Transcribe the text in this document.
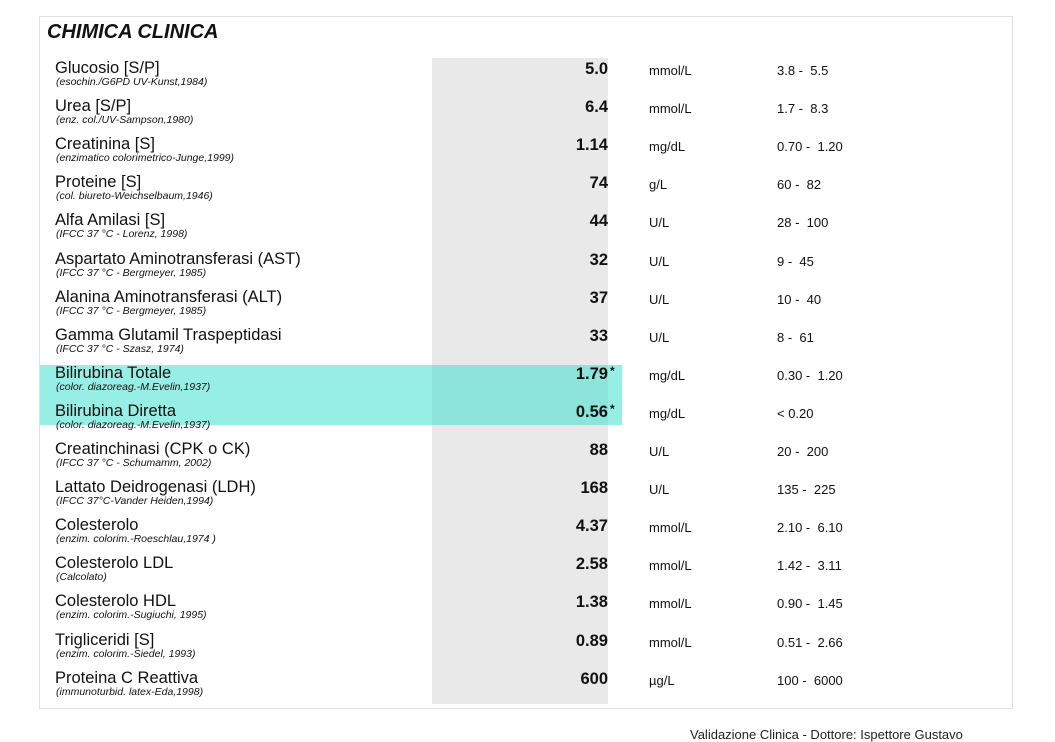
CHIMICA CLINICA
Glucosio [S/P]
(esochin./G6PD UV-Kunst,1984)
5.0	mmol/L	3.8 -  5.5
Urea [S/P]
(enz. col./UV-Sampson,1980)
6.4	mmol/L	1.7 -  8.3
Creatinina [S]
(enzimatico colorimetrico-Junge,1999)
1.14	mg/dL	0.70 -  1.20
Proteine [S]
(col. biureto-Weichselbaum,1946)
74	g/L	60 -  82
Alfa Amilasi [S]
(IFCC 37 °C - Lorenz, 1998)
44	U/L	28 -  100
Aspartato Aminotransferasi (AST)
(IFCC 37 °C - Bergmeyer, 1985)
32	U/L	9 -  45
Alanina Aminotransferasi (ALT)
(IFCC 37 °C - Bergmeyer, 1985)
37	U/L	10 -  40
Gamma Glutamil Traspeptidasi
(IFCC 37 °C - Szasz, 1974)
33	U/L	8 -  61
Bilirubina Totale
(color. diazoreag.-M.Evelin,1937)
1.79 *	mg/dL	0.30 -  1.20
Bilirubina Diretta
(color. diazoreag.-M.Evelin,1937)
0.56 *	mg/dL	< 0.20
Creatinchinasi (CPK o CK)
(IFCC 37 °C - Schumamm, 2002)
88	U/L	20 -  200
Lattato Deidrogenasi (LDH)
(IFCC 37°C-Vander Heiden,1994)
168	U/L	135 -  225
Colesterolo
(enzim. colorim.-Roeschlau,1974 )
4.37	mmol/L	2.10 -  6.10
Colesterolo LDL
(Calcolato)
2.58	mmol/L	1.42 -  3.11
Colesterolo HDL
(enzim. colorim.-Sugiuchi, 1995)
1.38	mmol/L	0.90 -  1.45
Trigliceridi [S]
(enzim. colorim.-Siedel, 1993)
0.89	mmol/L	0.51 -  2.66
Proteina C Reattiva
(immunoturbid. latex-Eda,1998)
600	µg/L	100 -  6000
Validazione Clinica - Dottore: Ispettore Gustavo
